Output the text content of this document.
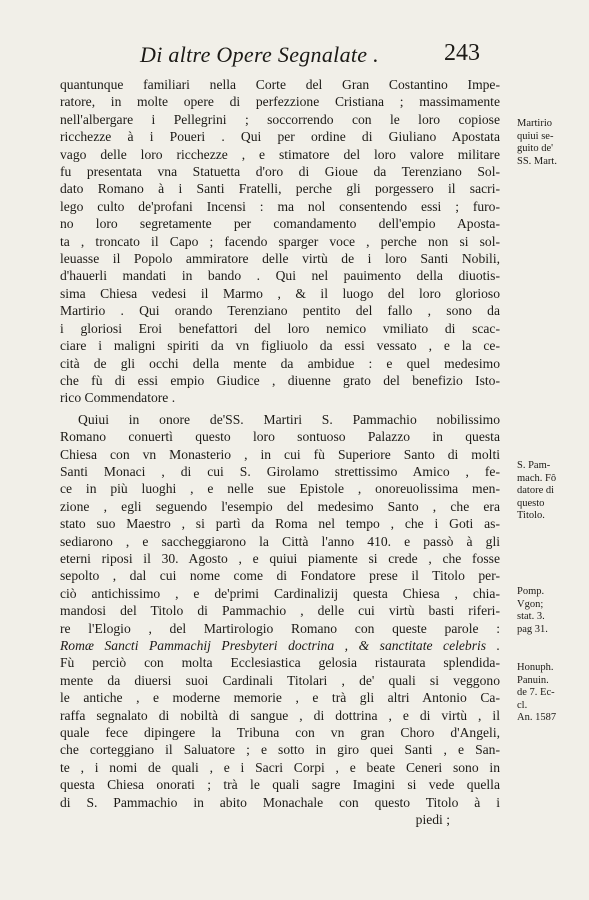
Di altre Opere Segnalate .	243
quantunque familiari nella Corte del Gran Costantino Impe-
ratore, in molte opere di perfezzione Cristiana ; massimamente
nell'albergare i Pellegrini ; soccorrendo con le loro copiose
ricchezze à i Poueri . Qui per ordine di Giuliano Apostata
vago delle loro ricchezze , e stimatore del loro valore militare
fu presentata vna Statuetta d'oro di Gioue da Terenziano Sol-
dato Romano à i Santi Fratelli, perche gli porgessero il sacri-
lego culto de'profani Incensi : ma nol consentendo essi ; furo-
no loro segretamente per comandamento dell'empio Aposta-
ta , troncato il Capo ; facendo sparger voce , perche non si sol-
leuasse il Popolo ammiratore delle virtù de i loro Santi Nobili,
d'hauerli mandati in bando . Qui nel pauimento della diuotis-
sima Chiesa vedesi il Marmo , & il luogo del loro glorioso
Martirio . Qui orando Terenziano pentito del fallo , sono da
i gloriosi Eroi benefattori del loro nemico vmiliato di scac-
ciare i maligni spiriti da vn figliuolo da essi vessato , e la ce-
cità de gli occhi della mente da ambidue : e quel medesimo
che fù di essi empio Giudice , diuenne grato del benefizio Isto-
rico Commendatore .
Quiui in onore de'SS. Martiri S. Pammachio nobilissimo
Romano conuertì questo loro sontuoso Palazzo in questa
Chiesa con vn Monasterio , in cui fù Superiore Santo di molti
Santi Monaci , di cui S. Girolamo strettissimo Amico , fe-
ce in più luoghi , e nelle sue Epistole , onoreuolissima men-
zione , egli seguendo l'esempio del medesimo Santo , che era
stato suo Maestro , si partì da Roma nel tempo , che i Goti as-
sediarono , e saccheggiarono la Città l'anno 410. e passò à gli
eterni riposi il 30. Agosto , e quiui piamente si crede , che fosse
sepolto , dal cui nome come di Fondatore prese il Titolo per-
ciò antichissimo , e de'primi Cardinalizij questa Chiesa , chia-
mandosi del Titolo di Pammachio , delle cui virtù basti riferi-
re l'Elogio , del Martirologio Romano con queste parole :
Romæ Sancti Pammachij Presbyteri doctrina , & sanctitate celebris .
Fù perciò con molta Ecclesiastica gelosia ristaurata splendida-
mente da diuersi suoi Cardinali Titolari , de' quali si veggono
le antiche , e moderne memorie , e trà gli altri Antonio Ca-
raffa segnalato di nobiltà di sangue , di dottrina , e di virtù , il
quale fece dipingere la Tribuna con vn gran Choro d'Angeli,
che corteggiano il Saluatore ; e sotto in giro quei Santi , e San-
te , i nomi de quali , e i Sacri Corpi , e beate Ceneri sono in
questa Chiesa onorati ; trà le quali sagre Imagini si vede quella
di S. Pammachio in abito Monachale con questo Titolo à i
piedi ;
Martirio
quiui se-
guito de'
SS. Mart.
S. Pam-
mach. Fô
datore di
questo
Titolo.
Pomp.
Vgon;
stat. 3.
pag 31.
Honuph.
Panuin.
de 7. Ec-
cl.
An. 1587
